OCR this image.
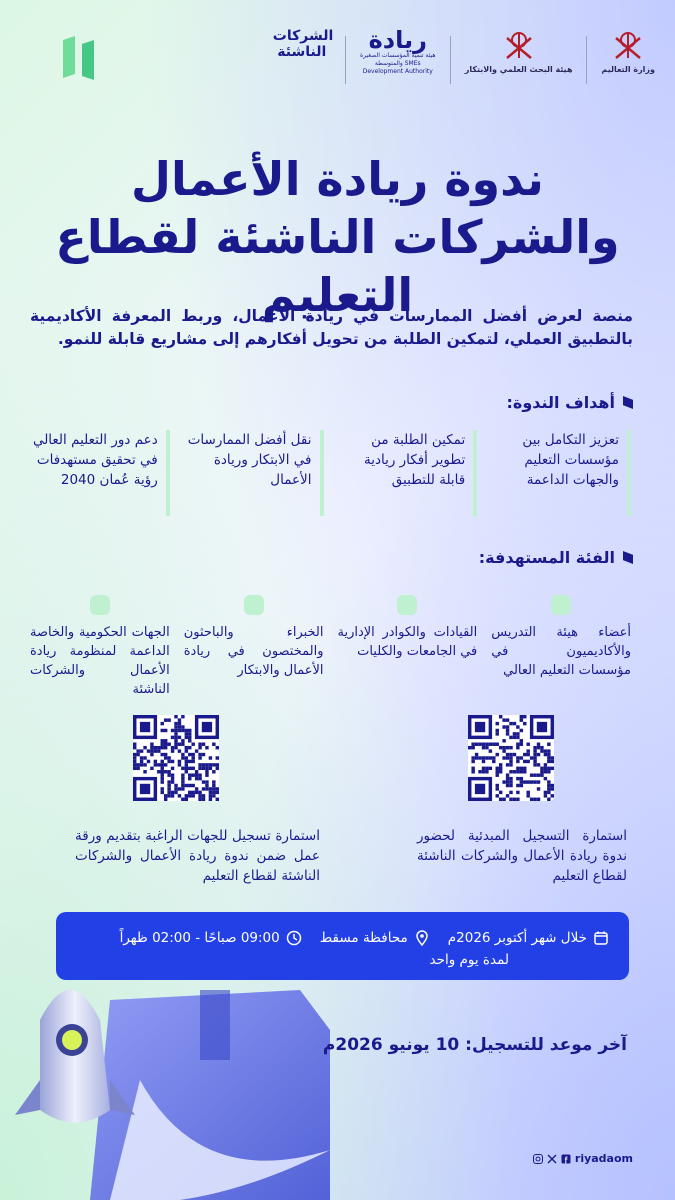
الشركات الناشئة ريادة
هيئة تنمية المؤسسات الصغيرة والمتوسطة SMEs Development Authority	هيئة البحث العلمي والابتكار	وزارة التعاليم
ندوة ريادة الأعمال والشركات الناشئة لقطاع التعليم

منصة لعرض أفضل الممارسات في ريادة الأعمال، وربط المعرفة الأكاديمية بالتطبيق العملي، لتمكين الطلبة من تحويل أفكارهم إلى مشاريع قابلة للنمو.

أهداف الندوة:
تعزيز التكامل بين مؤسسات التعليم والجهات الداعمة
تمكين الطلبة من تطوير أفكار ريادية قابلة للتطبيق
نقل أفضل الممارسات في الابتكار وريادة الأعمال
دعم دور التعليم العالي في تحقيق مستهدفات رؤية عُمان 2040
الفئة المستهدفة:
أعضاء هيئة التدريس والأكاديميون في مؤسسات التعليم العالي
القيادات والكوادر الإدارية في الجامعات والكليات
الخبراء والباحثون والمختصون في ريادة الأعمال والابتكار
الجهات الحكومية والخاصة الداعمة لمنظومة ريادة الأعمال والشركات الناشئة
استمارة التسجيل المبدئية لحضور ندوة ريادة الأعمال والشركات الناشئة لقطاع التعليم
استمارة تسجيل للجهات الراغبة بتقديم ورقة عمل ضمن ندوة ريادة الأعمال والشركات الناشئة لقطاع التعليم
خلال شهر أكتوبر 2026م
محافظة مسقط
09:00 صباحًا - 02:00 ظهراً
لمدة يوم واحد
آخر موعد للتسجيل: 10 يونيو 2026م
riyadaom
